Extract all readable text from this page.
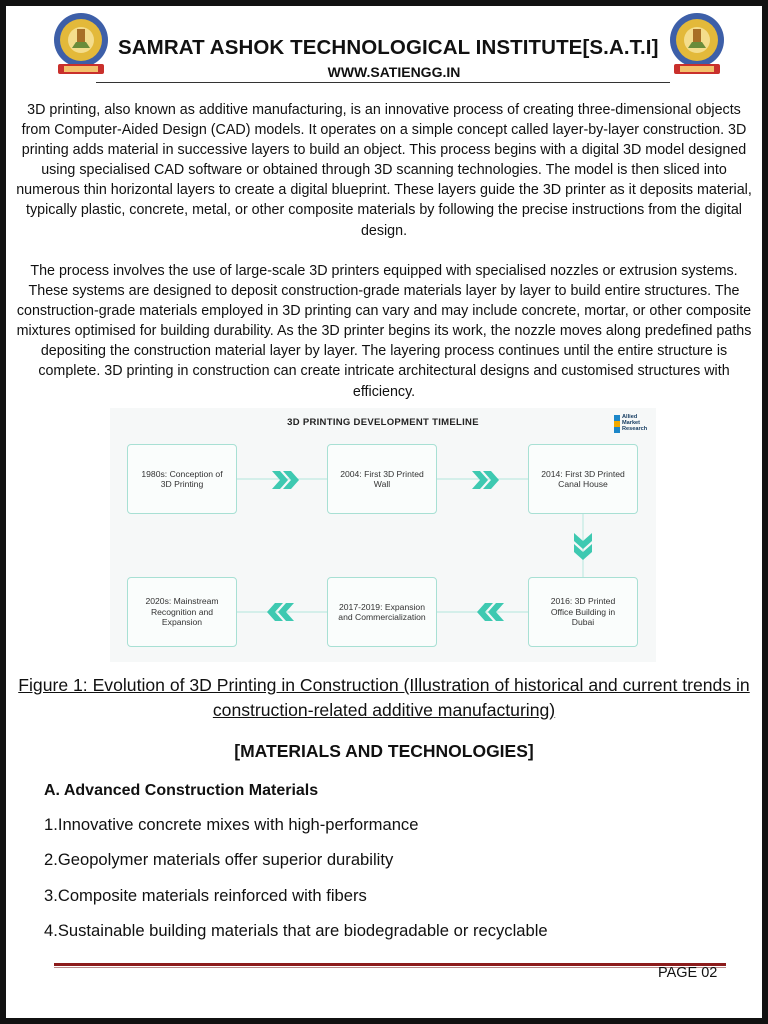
SAMRAT ASHOK TECHNOLOGICAL INSTITUTE[S.A.T.I]
WWW.SATIENGG.IN

3D printing, also known as additive manufacturing, is an innovative process of creating three-dimensional objects from Computer-Aided Design (CAD) models. It operates on a simple concept called layer-by-layer construction. 3D printing adds material in successive layers to build an object. This process begins with a digital 3D model designed using specialised CAD software or obtained through 3D scanning technologies. The model is then sliced into numerous thin horizontal layers to create a digital blueprint. These layers guide the 3D printer as it deposits material, typically plastic, concrete, metal, or other composite materials by following the precise instructions from the digital design.

The process involves the use of large-scale 3D printers equipped with specialised nozzles or extrusion systems. These systems are designed to deposit construction-grade materials layer by layer to build entire structures. The construction-grade materials employed in 3D printing can vary and may include concrete, mortar, or other composite mixtures optimised for building durability. As the 3D printer begins its work, the nozzle moves along predefined paths depositing the construction material layer by layer. The layering process continues until the entire structure is complete. 3D printing in construction can create intricate architectural designs and customised structures with efficiency.

3D PRINTING DEVELOPMENT TIMELINE	Allied
Market
Research
1980s: Conception of 3D Printing
2004: First 3D Printed Wall
2014: First 3D Printed Canal House
2016: 3D Printed Office Building in Dubai
2017-2019: Expansion and Commercialization
2020s: Mainstream Recognition and Expansion

Figure 1: Evolution of 3D Printing in Construction (Illustration of historical and current trends in construction-related additive manufacturing)

[MATERIALS AND TECHNOLOGIES]

A. Advanced Construction Materials

1.Innovative concrete mixes with high-performance

2.Geopolymer materials offer superior durability

3.Composite materials reinforced with fibers

4.Sustainable building materials that are biodegradable or recyclable

PAGE 02
